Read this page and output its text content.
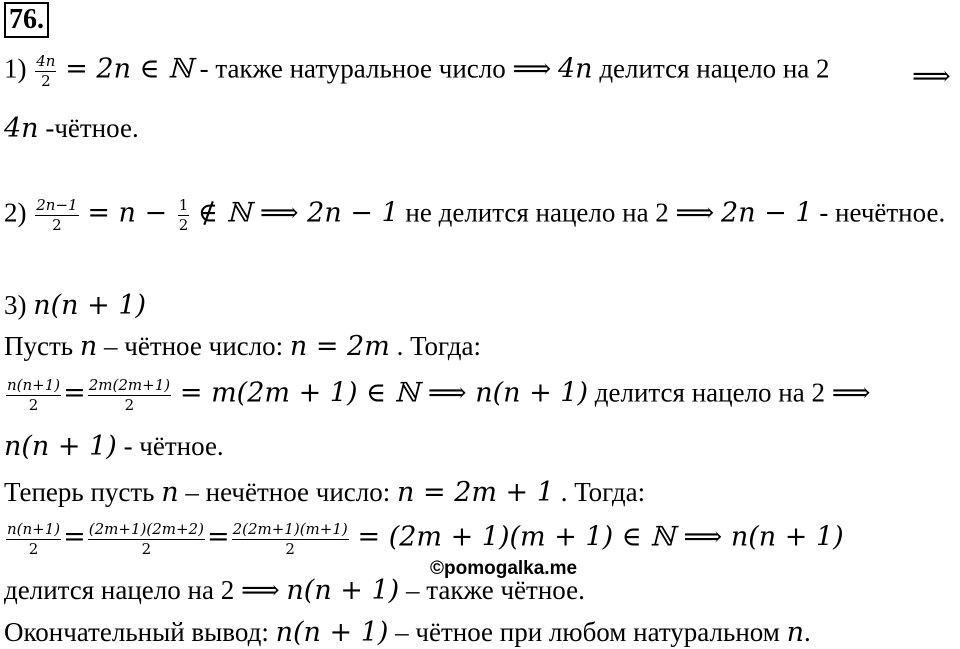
76.
$1) \frac{4n}{2} = 2n$ ∈ ℕ - также натуральное число ⟹ 4n делится нацело на 2	⟹
4n -чётное.
$2) \frac{2n-1}{2} = n - \frac{1}{2}$ ∉ ℕ ⟹ 2n − 1 не делится нацело на 2 ⟹ 2n − 1 - нечётное.
3) n(n + 1)
Пусть n – чётное число: n = 2m . Тогда:
$\frac{n(n+1)}{2} = \frac{2m(2m+1)}{2} = m(2m + 1)$ ∈ ℕ ⟹ n(n + 1) делится нацело на 2 ⟹
n(n + 1) - чётное.
Теперь пусть n – нечётное число: n = 2m + 1 . Тогда:
$\frac{n(n+1)}{2} = \frac{(2m+1)(2m+2)}{2} = \frac{2(2m+1)(m+1)}{2} = (2m + 1)(m + 1)$ ∈ ℕ ⟹ n(n + 1)
©pomogalka.me
делится нацело на 2 ⟹ n(n + 1) – также чётное.
Окончательный вывод: n(n + 1) – чётное при любом натуральном n.
